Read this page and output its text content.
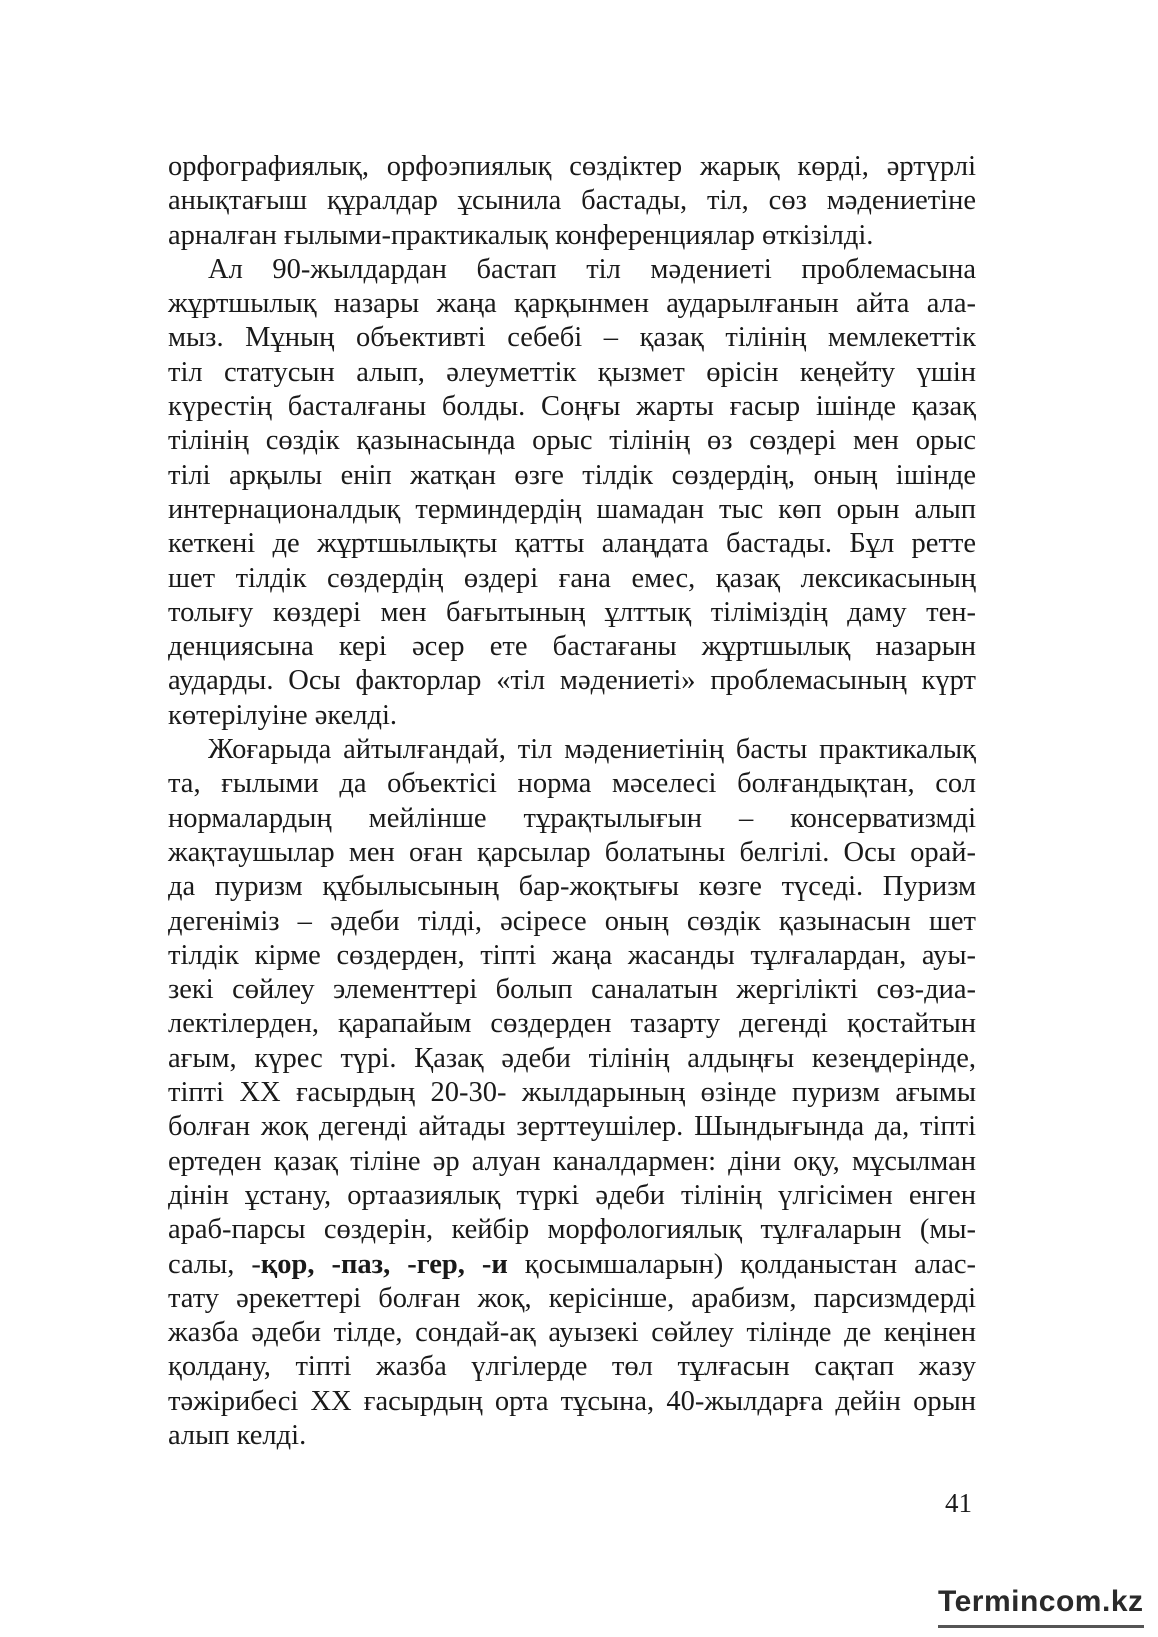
орфографиялық, орфоэпиялық сөздіктер жарық көрді, әртүрлі
анықтағыш құралдар ұсынила бастады, тіл, сөз мәдениетіне

арналған ғылыми-практикалық конференциялар өткізілді.

Ал 90-жылдардан бастап тіл мәдениеті проблемасына
жұртшылық назары жаңа қарқынмен аударылғанын айта ала-
мыз. Мұның объективті себебі – қазақ тілінің мемлекеттік
тіл статусын алып, әлеуметтік қызмет өрісін кеңейту үшін
күрестің басталғаны болды. Соңғы жарты ғасыр ішінде қазақ
тілінің сөздік қазынасында орыс тілінің өз сөздері мен орыс
тілі арқылы еніп жатқан өзге тілдік сөздердің, оның ішінде
интернационалдық терминдердің шамадан тыс көп орын алып
кеткені де жұртшылықты қатты алаңдата бастады. Бұл ретте
шет тілдік сөздердің өздері ғана емес, қазақ лексикасының
толығу көздері мен бағытының ұлттық тіліміздің даму тен-
денциясына кері әсер ете бастағаны жұртшылық назарын
аударды. Осы факторлар «тіл мәдениеті» проблемасының күрт

көтерілуіне әкелді.

Жоғарыда айтылғандай, тіл мәдениетінің басты практикалық
та, ғылыми да объектісі норма мәселесі болғандықтан, сол
нормалардың мейлінше тұрақтылығын – консерватизмді
жақтаушылар мен оған қарсылар болатыны белгілі. Осы орай-
да пуризм құбылысының бар-жоқтығы көзге түседі. Пуризм
дегеніміз – әдеби тілді, әсіресе оның сөздік қазынасын шет
тілдік кірме сөздерден, тіпті жаңа жасанды тұлғалардан, ауы-
зекі сөйлеу элементтері болып саналатын жергілікті сөз-диа-
лектілерден, қарапайым сөздерден тазарту дегенді қостайтын
ағым, күрес түрі. Қазақ әдеби тілінің алдыңғы кезеңдерінде,
тіпті ХХ ғасырдың 20-30- жылдарының өзінде пуризм ағымы
болған жоқ дегенді айтады зерттеушілер. Шындығында да, тіпті
ертеден қазақ тіліне әр алуан каналдармен: діни оқу, мұсылман
дінін ұстану, ортаазиялық түркі әдеби тілінің үлгісімен енген
араб-парсы сөздерін, кейбір морфологиялық тұлғаларын (мы-

салы, -қор, -паз, -гер, -и қосымшаларын) қолданыстан алас-

тату әрекеттері болған жоқ, керісінше, арабизм, парсизмдерді
жазба әдеби тілде, сондай-ақ ауызекі сөйлеу тілінде де кеңінен
қолдану, тіпті жазба үлгілерде төл тұлғасын сақтап жазу
тәжірибесі ХХ ғасырдың орта тұсына, 40-жылдарға дейін орын

алып келді.

41
Termincom.kz
